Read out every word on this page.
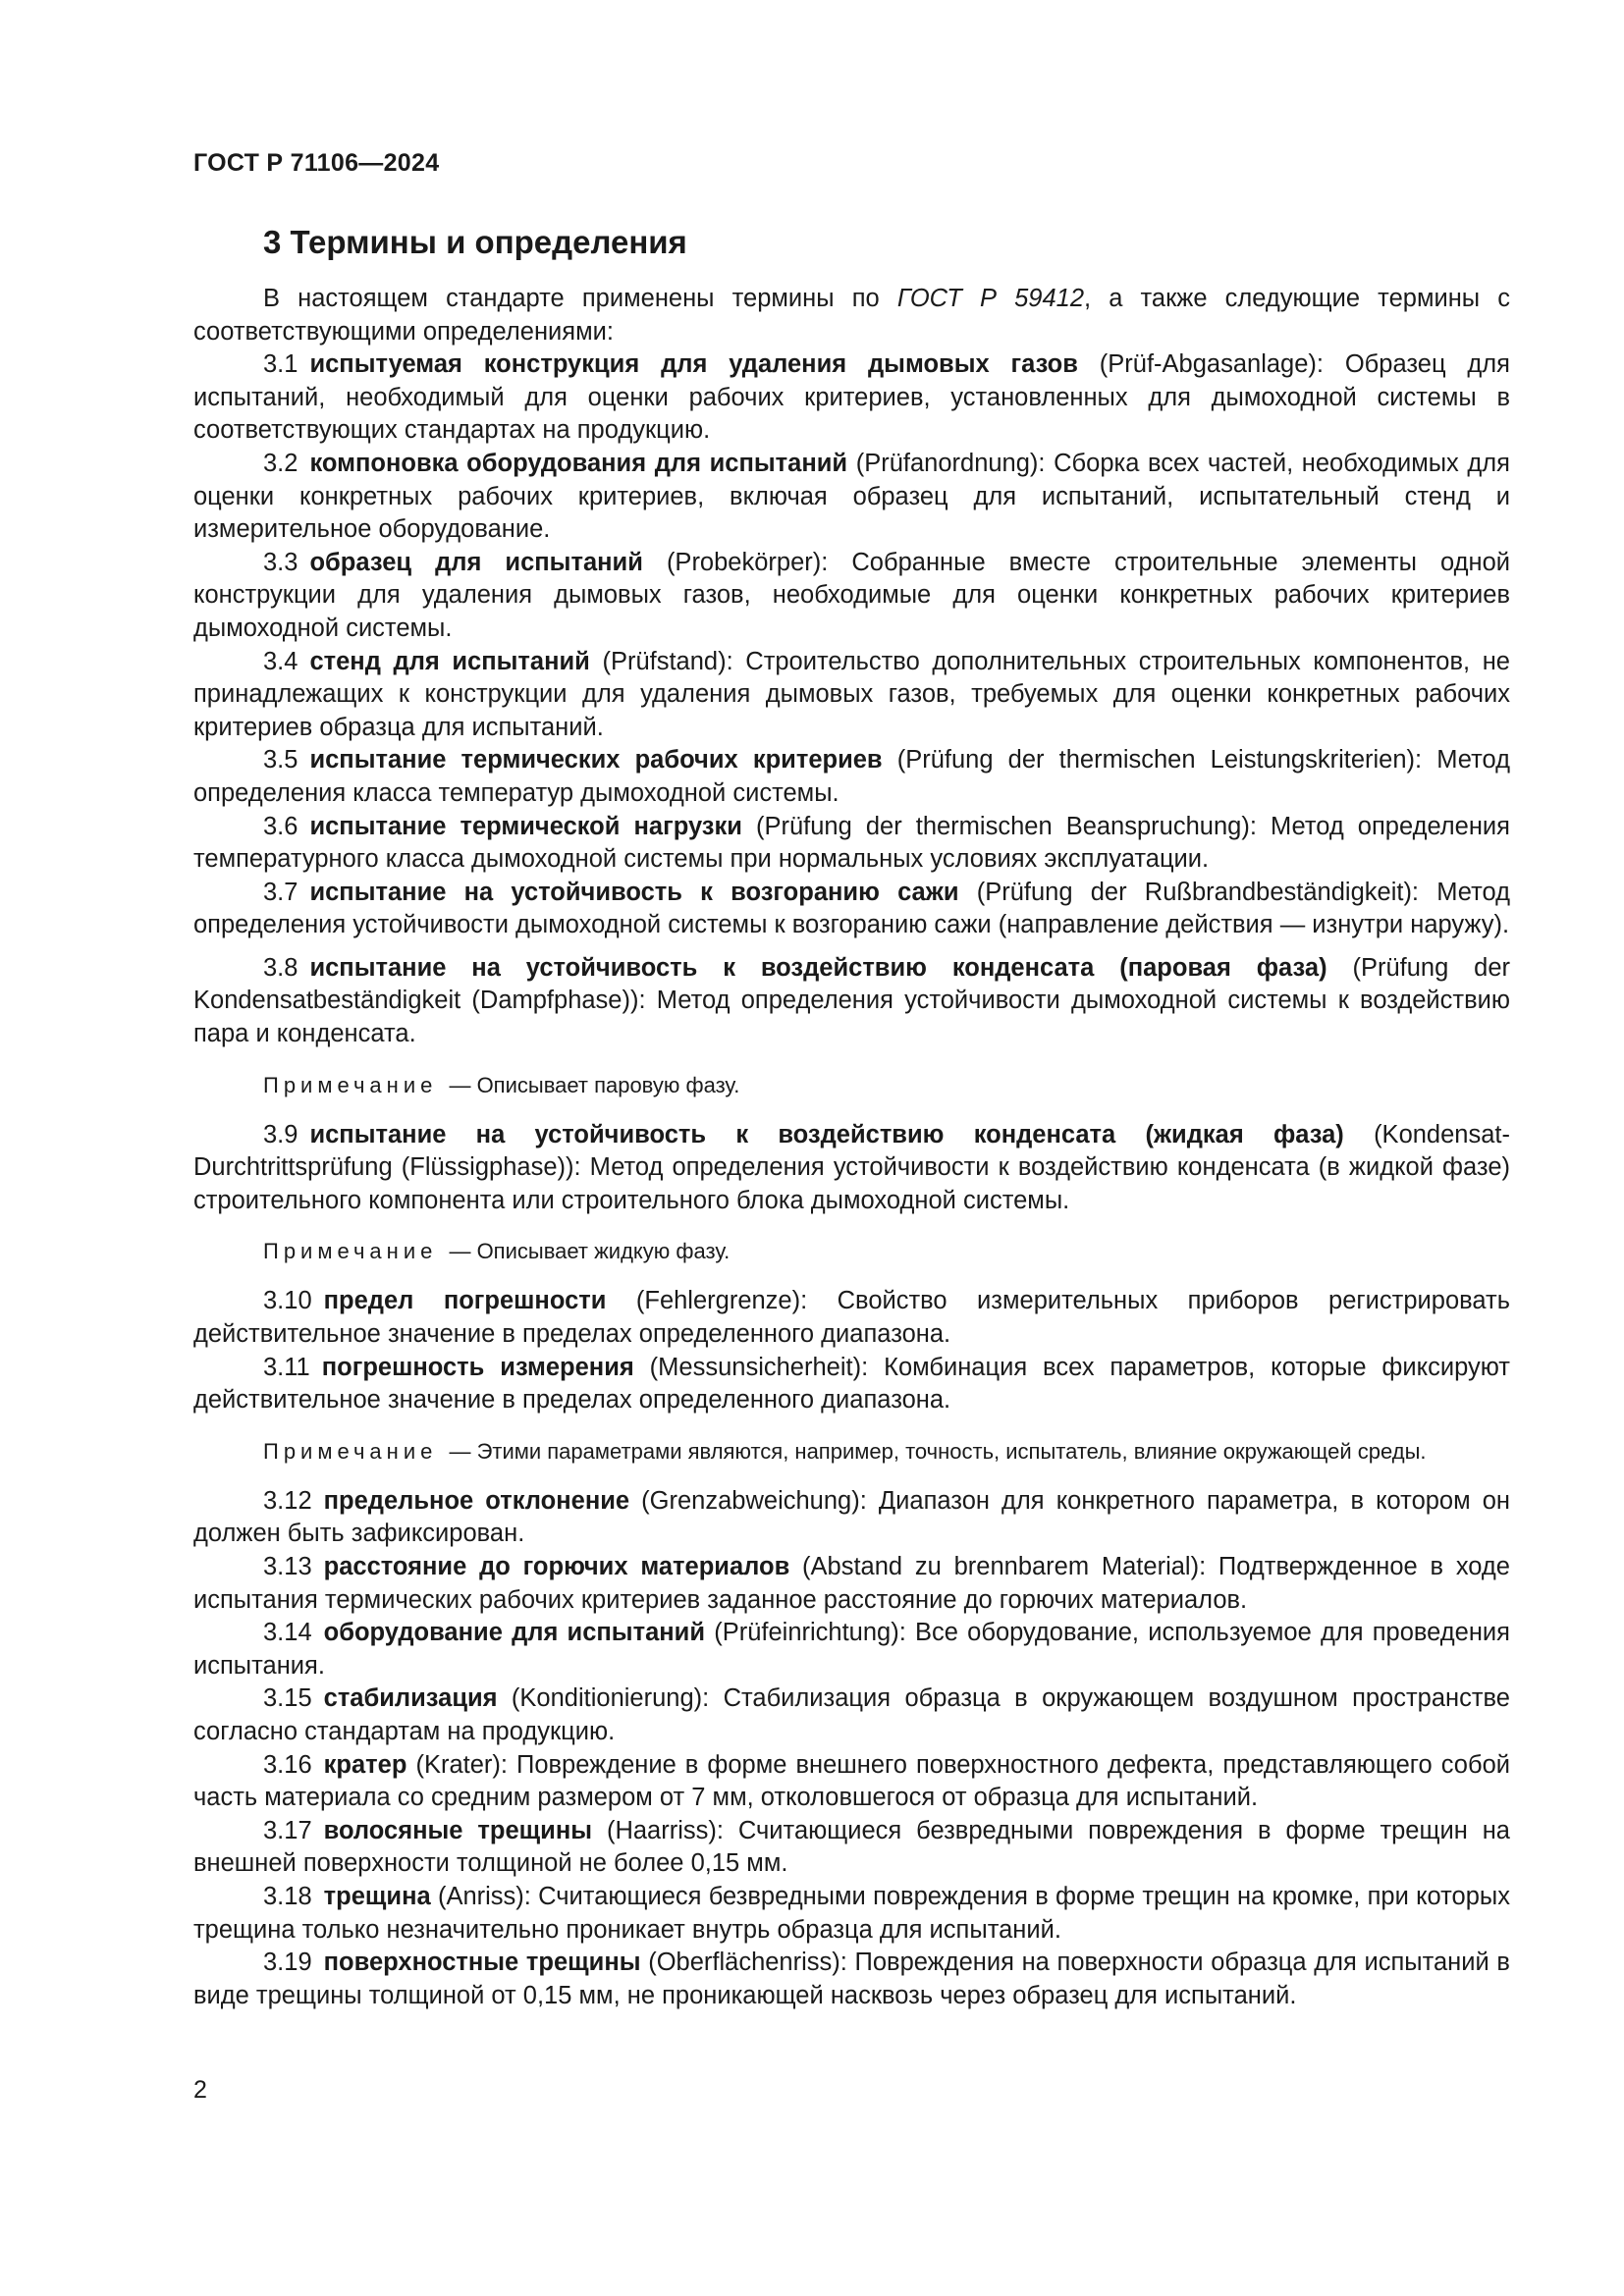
ГОСТ Р 71106—2024
3 Термины и определения

В настоящем стандарте применены термины по ГОСТ Р 59412, а также следующие термины с соответствующими определениями:

3.1 испытуемая конструкция для удаления дымовых газов (Prüf-Abgasanlage): Образец для испытаний, необходимый для оценки рабочих критериев, установленных для дымоходной системы в соответствующих стандартах на продукцию.

3.2 компоновка оборудования для испытаний (Prüfanordnung): Сборка всех частей, необходимых для оценки конкретных рабочих критериев, включая образец для испытаний, испытательный стенд и измерительное оборудование.

3.3 образец для испытаний (Probekörper): Собранные вместе строительные элементы одной конструкции для удаления дымовых газов, необходимые для оценки конкретных рабочих критериев дымоходной системы.

3.4 стенд для испытаний (Prüfstand): Строительство дополнительных строительных компонентов, не принадлежащих к конструкции для удаления дымовых газов, требуемых для оценки конкретных рабочих критериев образца для испытаний.

3.5 испытание термических рабочих критериев (Prüfung der thermischen Leistungskriterien): Метод определения класса температур дымоходной системы.

3.6 испытание термической нагрузки (Prüfung der thermischen Beanspruchung): Метод определения температурного класса дымоходной системы при нормальных условиях эксплуатации.

3.7 испытание на устойчивость к возгоранию сажи (Prüfung der Rußbrandbeständigkeit): Метод определения устойчивости дымоходной системы к возгоранию сажи (направление действия — изнутри наружу).

3.8 испытание на устойчивость к воздействию конденсата (паровая фаза) (Prüfung der Kondensatbeständigkeit (Dampfphase)): Метод определения устойчивости дымоходной системы к воздействию пара и конденсата.

Примечание — Описывает паровую фазу.

3.9 испытание на устойчивость к воздействию конденсата (жидкая фаза) (Kondensat-Durchtrittsprüfung (Flüssigphase)): Метод определения устойчивости к воздействию конденсата (в жидкой фазе) строительного компонента или строительного блока дымоходной системы.

Примечание — Описывает жидкую фазу.

3.10 предел погрешности (Fehlergrenze): Свойство измерительных приборов регистрировать действительное значение в пределах определенного диапазона.

3.11 погрешность измерения (Messunsicherheit): Комбинация всех параметров, которые фиксируют действительное значение в пределах определенного диапазона.

Примечание — Этими параметрами являются, например, точность, испытатель, влияние окружающей среды.

3.12 предельное отклонение (Grenzabweichung): Диапазон для конкретного параметра, в котором он должен быть зафиксирован.

3.13 расстояние до горючих материалов (Abstand zu brennbarem Material): Подтвержденное в ходе испытания термических рабочих критериев заданное расстояние до горючих материалов.

3.14 оборудование для испытаний (Prüfeinrichtung): Все оборудование, используемое для проведения испытания.

3.15 стабилизация (Konditionierung): Стабилизация образца в окружающем воздушном пространстве согласно стандартам на продукцию.

3.16 кратер (Krater): Повреждение в форме внешнего поверхностного дефекта, представляющего собой часть материала со средним размером от 7 мм, отколовшегося от образца для испытаний.

3.17 волосяные трещины (Haarriss): Считающиеся безвредными повреждения в форме трещин на внешней поверхности толщиной не более 0,15 мм.

3.18 трещина (Anriss): Считающиеся безвредными повреждения в форме трещин на кромке, при которых трещина только незначительно проникает внутрь образца для испытаний.

3.19 поверхностные трещины (Oberflächenriss): Повреждения на поверхности образца для испытаний в виде трещины толщиной от 0,15 мм, не проникающей насквозь через образец для испытаний.

2
